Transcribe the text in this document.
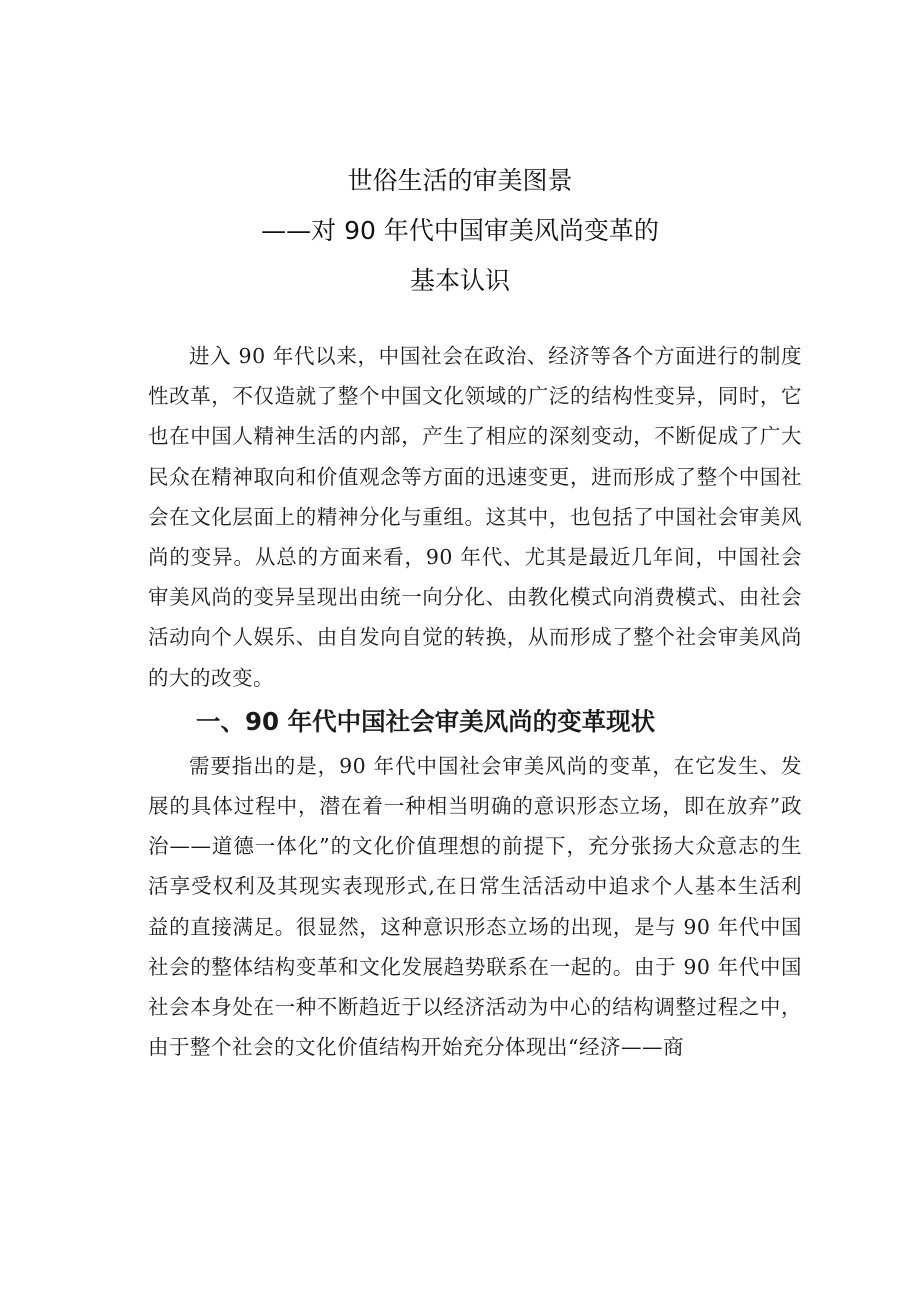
世俗生活的审美图景
——对 90 年代中国审美风尚变革的
基本认识

进入 90 年代以来，中国社会在政治、经济等各个方面进行的制度性改革，不仅造就了整个中国文化领域的广泛的结构性变异，同时，它也在中国人精神生活的内部，产生了相应的深刻变动，不断促成了广大民众在精神取向和价值观念等方面的迅速变更，进而形成了整个中国社会在文化层面上的精神分化与重组。这其中，也包括了中国社会审美风尚的变异。从总的方面来看，90 年代、尤其是最近几年间，中国社会审美风尚的变异呈现出由统一向分化、由教化模式向消费模式、由社会活动向个人娱乐、由自发向自觉的转换，从而形成了整个社会审美风尚的大的改变。

一、90 年代中国社会审美风尚的变革现状

需要指出的是，90 年代中国社会审美风尚的变革，在它发生、发展的具体过程中，潜在着一种相当明确的意识形态立场，即在放弃”政治——道德一体化”的文化价值理想的前提下，充分张扬大众意志的生活享受权利及其现实表现形式,在日常生活活动中追求个人基本生活利益的直接满足。很显然，这种意识形态立场的出现，是与 90 年代中国社会的整体结构变革和文化发展趋势联系在一起的。由于 90 年代中国社会本身处在一种不断趋近于以经济活动为中心的结构调整过程之中，由于整个社会的文化价值结构开始充分体现出“经济——商
